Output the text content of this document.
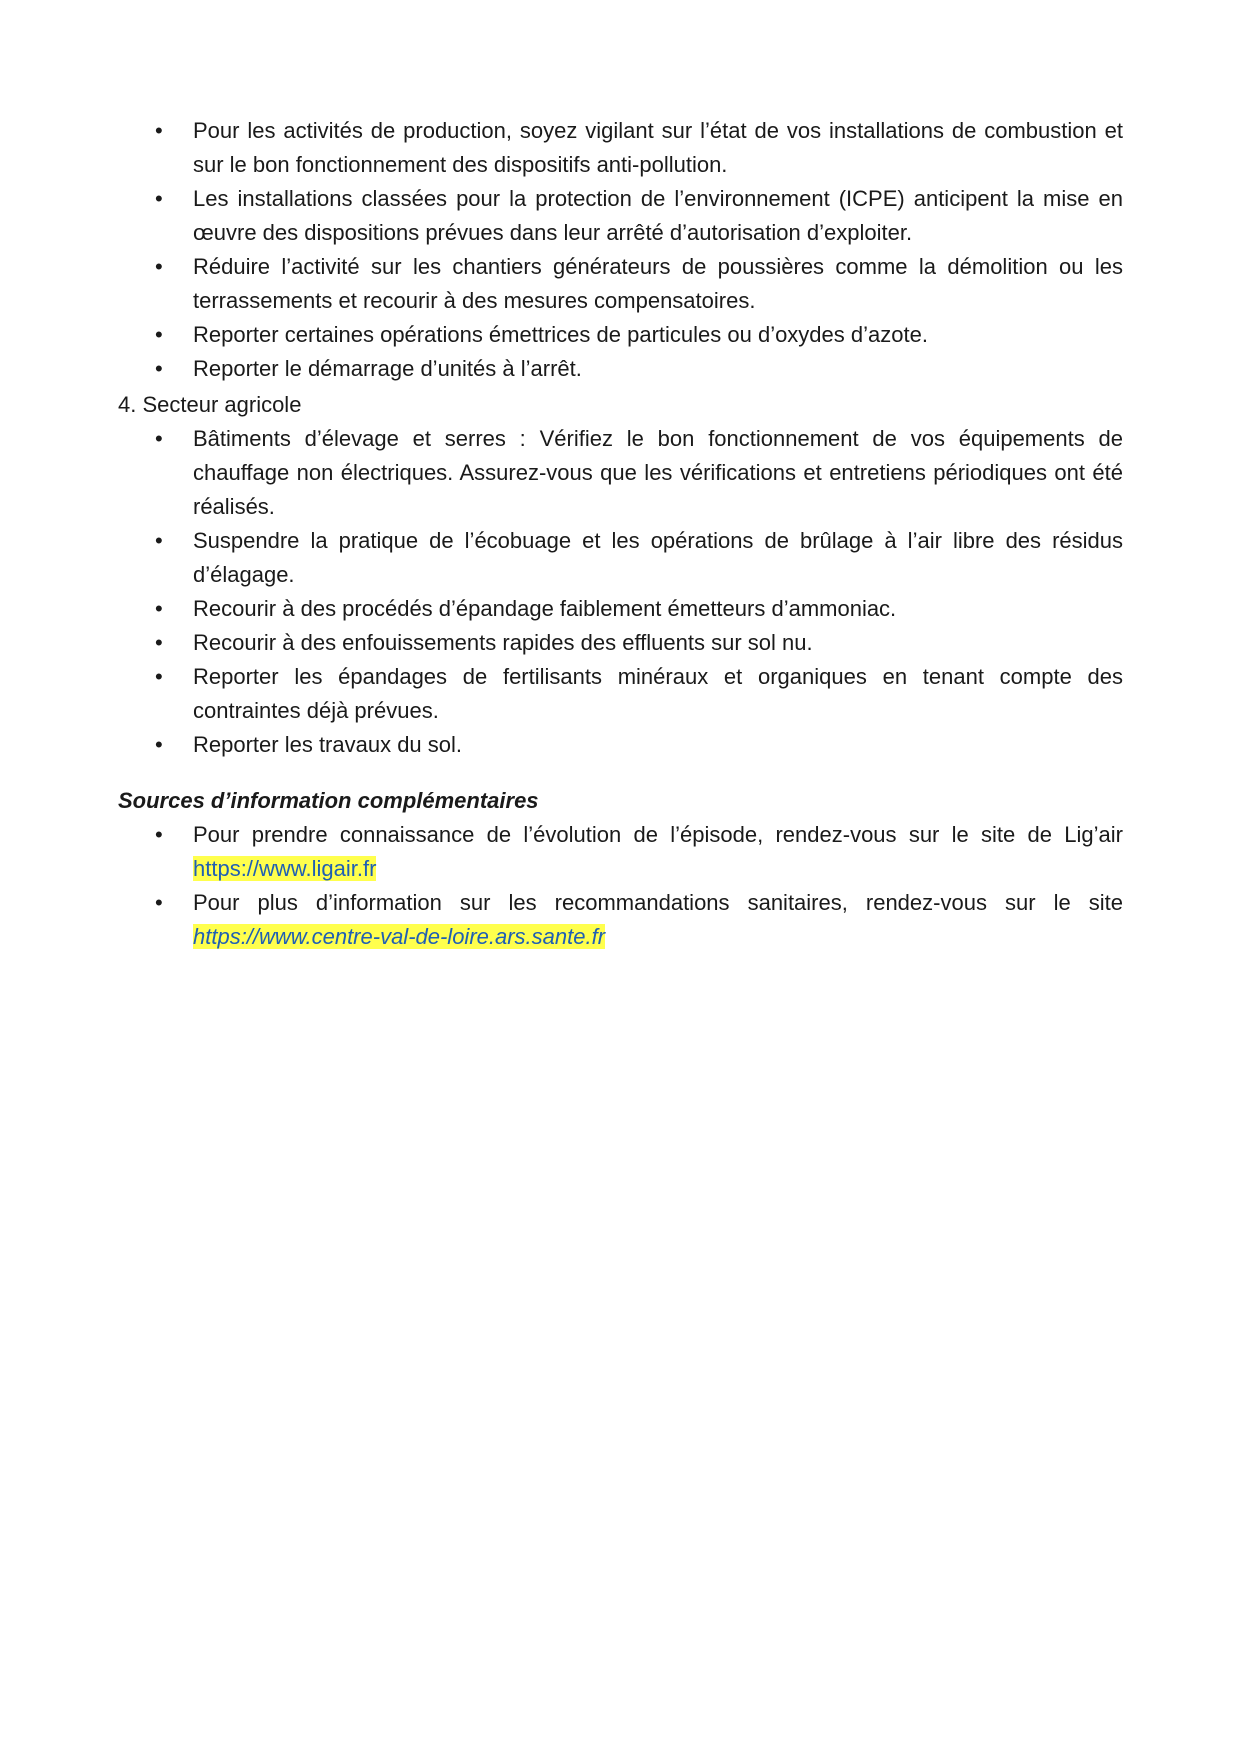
• Pour les activités de production, soyez vigilant sur l’état de vos installations de combustion et sur le bon fonctionnement des dispositifs anti-pollution.
• Les installations classées pour la protection de l’environnement (ICPE) anticipent la mise en œuvre des dispositions prévues dans leur arrêté d’autorisation d’exploiter.
• Réduire l’activité sur les chantiers générateurs de poussières comme la démolition ou les terrassements et recourir à des mesures compensatoires.
• Reporter certaines opérations émettrices de particules ou d’oxydes d’azote.
• Reporter le démarrage d’unités à l’arrêt.
4. Secteur agricole
• Bâtiments d’élevage et serres : Vérifiez le bon fonctionnement de vos équipements de chauffage non électriques. Assurez-vous que les vérifications et entretiens périodiques ont été réalisés.
• Suspendre la pratique de l’écobuage et les opérations de brûlage à l’air libre des résidus d’élagage.
• Recourir à des procédés d’épandage faiblement émetteurs d’ammoniac.
• Recourir à des enfouissements rapides des effluents sur sol nu.
• Reporter les épandages de fertilisants minéraux et organiques en tenant compte des contraintes déjà prévues.
• Reporter les travaux du sol.
Sources d’information complémentaires
• Pour prendre connaissance de l’évolution de l’épisode, rendez-vous sur le site de Lig’air https://www.ligair.fr
• Pour plus d’information sur les recommandations sanitaires, rendez-vous sur le site https://www.centre-val-de-loire.ars.sante.fr
